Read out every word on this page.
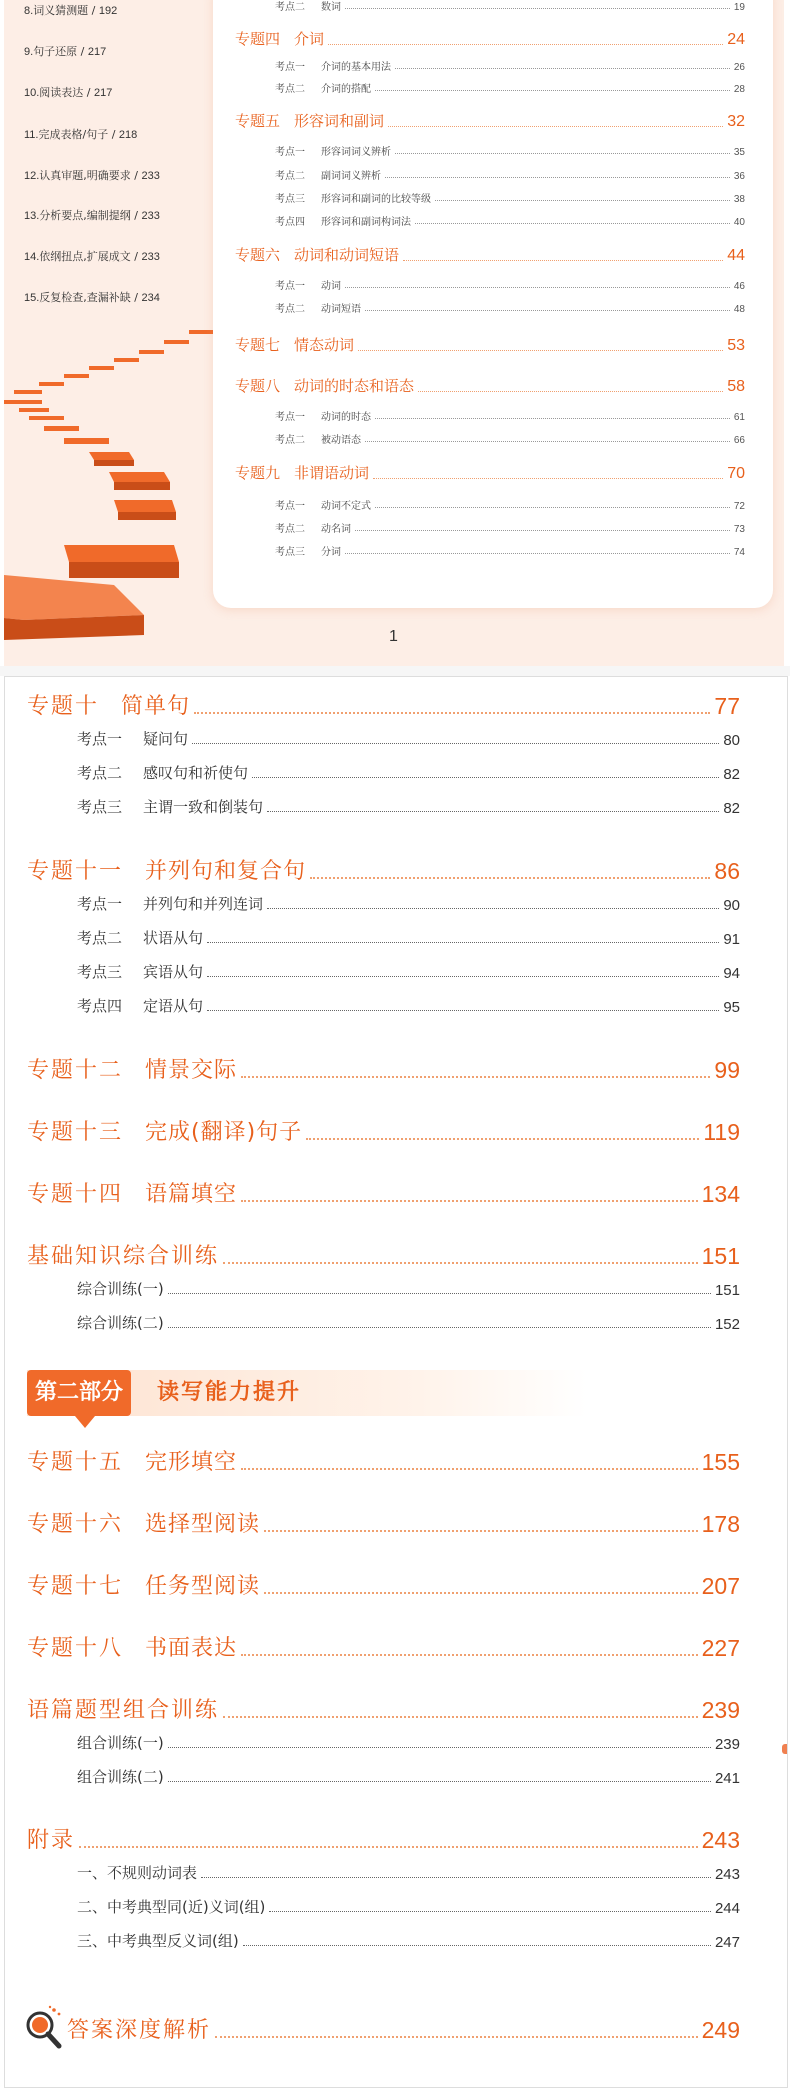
8.词义猜测题 / 192
9.句子还原 / 217
10.阅读表达 / 217
11.完成表格/句子 / 218
12.认真审题,明确要求 / 233
13.分析要点,编制提纲 / 233
14.依纲扭点,扩展成文 / 233
15.反复检查,查漏补缺 / 234
考点二	数词	19
专题四 介词	24
考点一	介词的基本用法	26
考点二	介词的搭配	28
专题五 形容词和副词	32
考点一	形容词词义辨析	35
考点二	副词词义辨析	36
考点三	形容词和副词的比较等级	38
考点四	形容词和副词构词法	40
专题六 动词和动词短语	44
考点一	动词	46
考点二	动词短语	48
专题七 情态动词	53
专题八 动词的时态和语态	58
考点一	动词的时态	61
考点二	被动语态	66
专题九 非谓语动词	70
考点一	动词不定式	72
考点二	动名词	73
考点三	分词	74
1
专题十 简单句	77
考点一	疑问句	80
考点二	感叹句和祈使句	82
考点三	主谓一致和倒装句	82
专题十一 并列句和复合句	86
考点一	并列句和并列连词	90
考点二	状语从句	91
考点三	宾语从句	94
考点四	定语从句	95
专题十二 情景交际	99
专题十三 完成(翻译)句子	119
专题十四 语篇填空	134
基础知识综合训练	151
综合训练(一)	151
综合训练(二)	152
第二部分	读写能力提升
专题十五 完形填空	155
专题十六 选择型阅读	178
专题十七 任务型阅读	207
专题十八 书面表达	227
语篇题型组合训练	239
组合训练(一)	239
组合训练(二)	241
附录	243
一、不规则动词表	243
二、中考典型同(近)义词(组)	244
三、中考典型反义词(组)	247
答案深度解析	249
